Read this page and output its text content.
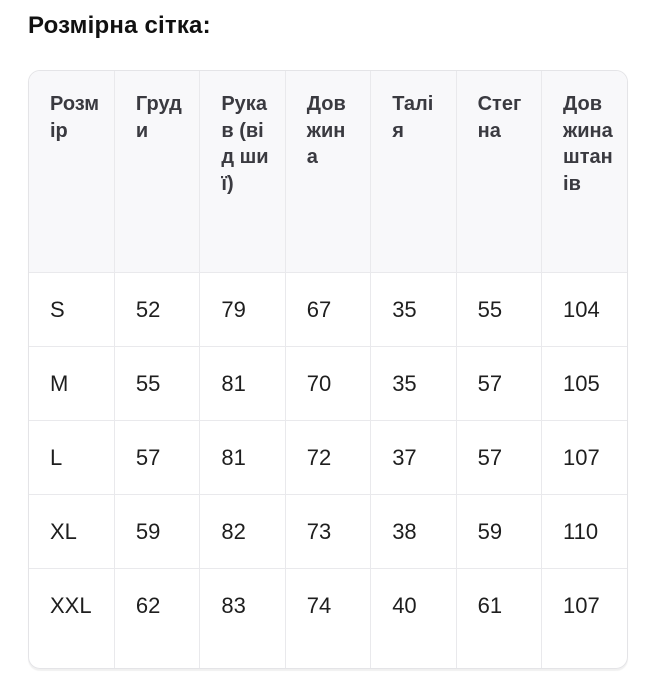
Розмірна сітка:
Розмір	Груди	Рукав (від шиї)	Довжина	Талія	Стегна	Довжина штанів
S	52	79	67	35	55	104
M	55	81	70	35	57	105
L	57	81	72	37	57	107
XL	59	82	73	38	59	110
XXL	62	83	74	40	61	107
